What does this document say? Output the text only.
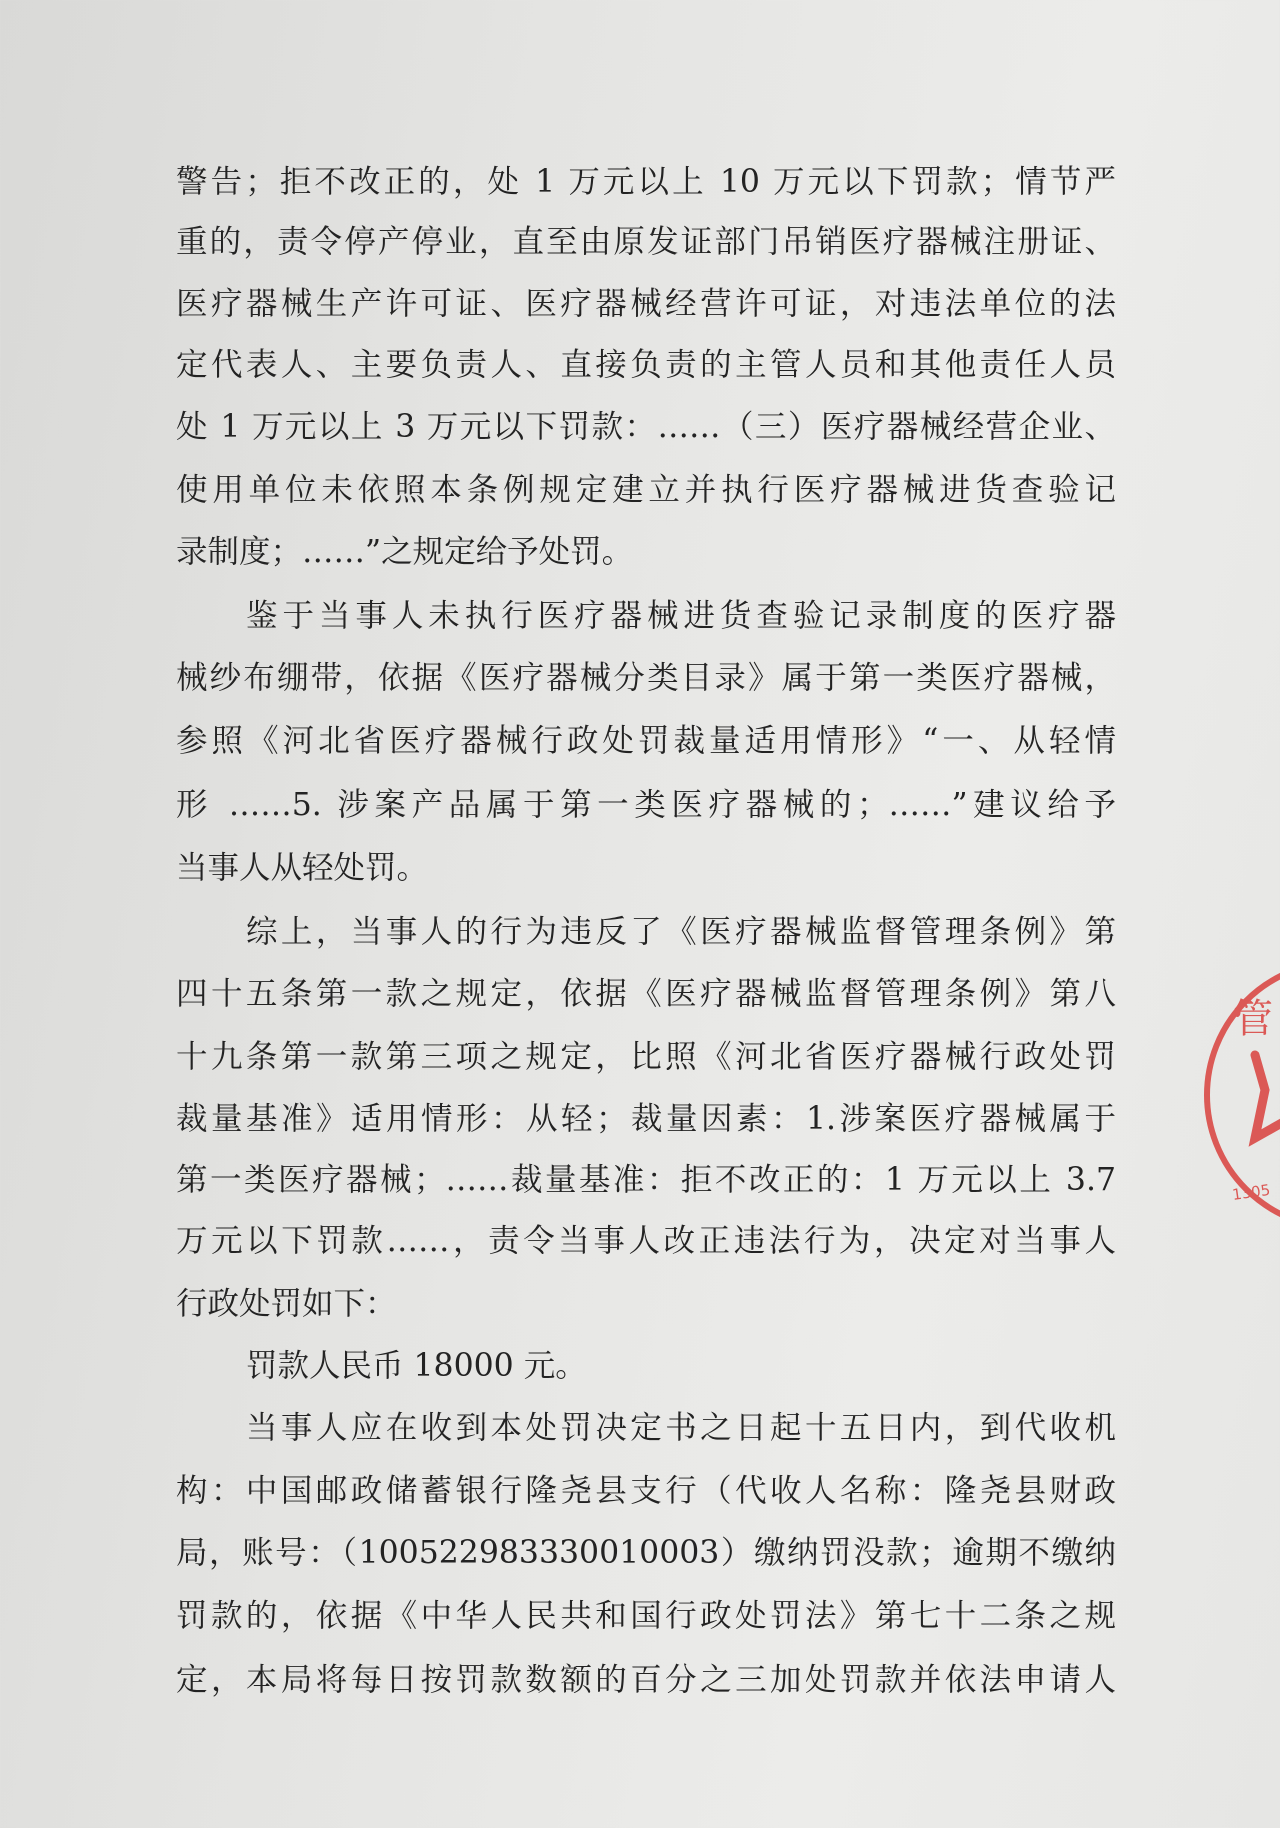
警告；拒不改正的，处 1 万元以上 10 万元以下罚款；情节严
重的，责令停产停业，直至由原发证部门吊销医疗器械注册证、
医疗器械生产许可证、医疗器械经营许可证，对违法单位的法
定代表人、主要负责人、直接负责的主管人员和其他责任人员
处 1 万元以上 3 万元以下罚款：……（三）医疗器械经营企业、
使用单位未依照本条例规定建立并执行医疗器械进货查验记
录制度；……”之规定给予处罚。
鉴于当事人未执行医疗器械进货查验记录制度的医疗器
械纱布绷带，依据《医疗器械分类目录》属于第一类医疗器械，
参照《河北省医疗器械行政处罚裁量适用情形》“一、从轻情
形 ……5. 涉案产品属于第一类医疗器械的；……”建议给予
当事人从轻处罚。
综上，当事人的行为违反了《医疗器械监督管理条例》第
四十五条第一款之规定，依据《医疗器械监督管理条例》第八
十九条第一款第三项之规定，比照《河北省医疗器械行政处罚
裁量基准》适用情形：从轻；裁量因素：1.涉案医疗器械属于
第一类医疗器械；……裁量基准：拒不改正的：1 万元以上 3.7
万元以下罚款……，责令当事人改正违法行为，决定对当事人
行政处罚如下：
罚款人民币 18000 元。
当事人应在收到本处罚决定书之日起十五日内，到代收机
构：中国邮政储蓄银行隆尧县支行（代收人名称：隆尧县财政
局，账号：（100522983330010003）缴纳罚没款；逾期不缴纳
罚款的，依据《中华人民共和国行政处罚法》第七十二条之规
定，本局将每日按罚款数额的百分之三加处罚款并依法申请人
管
1305
